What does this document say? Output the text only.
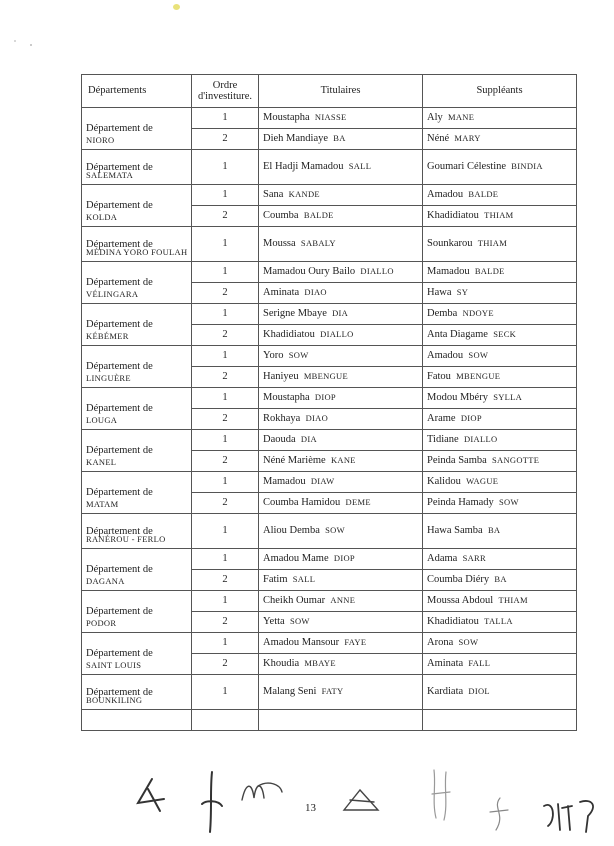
Départements	Ordre
d'investiture.	Titulaires	Suppléants

Département de
NIORO	1	Moustapha NIASSE	Aly MANE
	2	Dieh Mandiaye BA	Néné MARY

Département de
SALEMATA	1	El Hadji Mamadou SALL	Goumari Célestine BINDIA

Département de
KOLDA	1	Sana KANDE	Amadou BALDE
	2	Coumba BALDE	Khadidiatou THIAM

Département de
MÉDINA YORO FOULAH	1	Moussa SABALY	Sounkarou THIAM

Département de
VÉLINGARA	1	Mamadou Oury Bailo DIALLO	Mamadou BALDE
	2	Aminata DIAO	Hawa SY

Département de
KÉBÉMER	1	Serigne Mbaye DIA	Demba NDOYE
	2	Khadidiatou DIALLO	Anta Diagame SECK

Département de
LINGUÈRE	1	Yoro SOW	Amadou SOW
	2	Haniyeu MBENGUE	Fatou MBENGUE

Département de
LOUGA	1	Moustapha DIOP	Modou Mbéry SYLLA
	2	Rokhaya DIAO	Arame DIOP

Département de
KANEL	1	Daouda DIA	Tidiane DIALLO
	2	Néné Marième KANE	Peinda Samba SANGOTTE

Département de
MATAM	1	Mamadou DIAW	Kalidou WAGUE
	2	Coumba Hamidou DEME	Peinda Hamady SOW

Département de
RANÉROU - FERLO	1	Aliou Demba SOW	Hawa Samba BA

Département de
DAGANA	1	Amadou Mame DIOP	Adama SARR
	2	Fatim SALL	Coumba Diéry BA

Département de
PODOR	1	Cheikh Oumar ANNE	Moussa Abdoul THIAM
	2	Yetta SOW	Khadidiatou TALLA

Département de
SAINT LOUIS	1	Amadou Mansour FAYE	Arona SOW
	2	Khoudia MBAYE	Aminata FALL

Département de
BOUNKILING	1	Malang Seni FATY	Kardiata DIOL

13
